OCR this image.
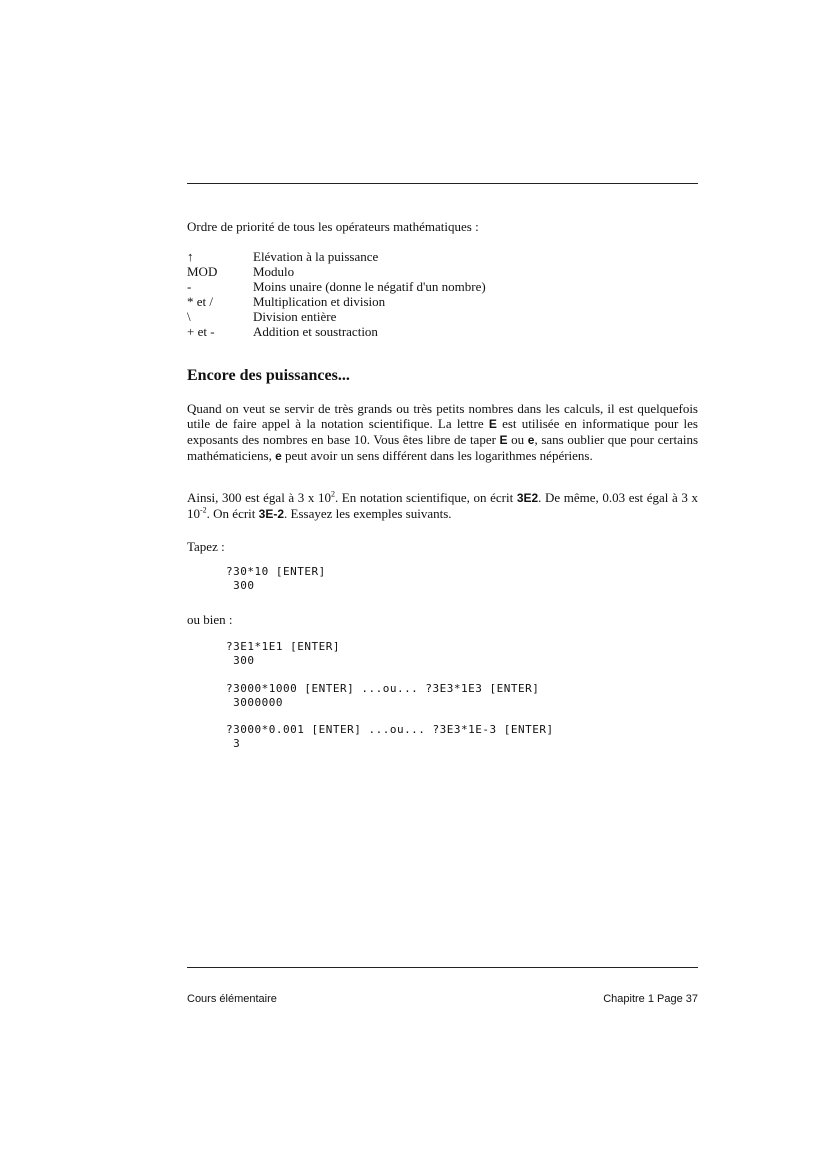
Ordre de priorité de tous les opérateurs mathématiques :
↑	Elévation à la puissance
MOD	Modulo
-	Moins unaire (donne le négatif d'un nombre)
* et /	Multiplication et division
\	Division entière
+ et -	Addition et soustraction
Encore des puissances...
Quand on veut se servir de très grands ou très petits nombres dans les calculs, il est quelquefois utile de faire appel à la notation scientifique. La lettre E est utilisée en informatique pour les exposants des nombres en base 10. Vous êtes libre de taper E ou e, sans oublier que pour certains mathématiciens, e peut avoir un sens différent dans les logarithmes népériens.
Ainsi, 300 est égal à 3 x $10^2$. En notation scientifique, on écrit 3E2. De même, 0.03 est égal à 3 x $10^{-2}$. On écrit 3E-2. Essayez les exemples suivants.
Tapez :
?30*10 [ENTER]
300
ou bien :
?3E1*1E1 [ENTER]
300
?3000*1000 [ENTER] ...ou... ?3E3*1E3 [ENTER]
3000000
?3000*0.001 [ENTER] ...ou... ?3E3*1E-3 [ENTER]
3
Cours élémentaire	Chapitre 1 Page 37
